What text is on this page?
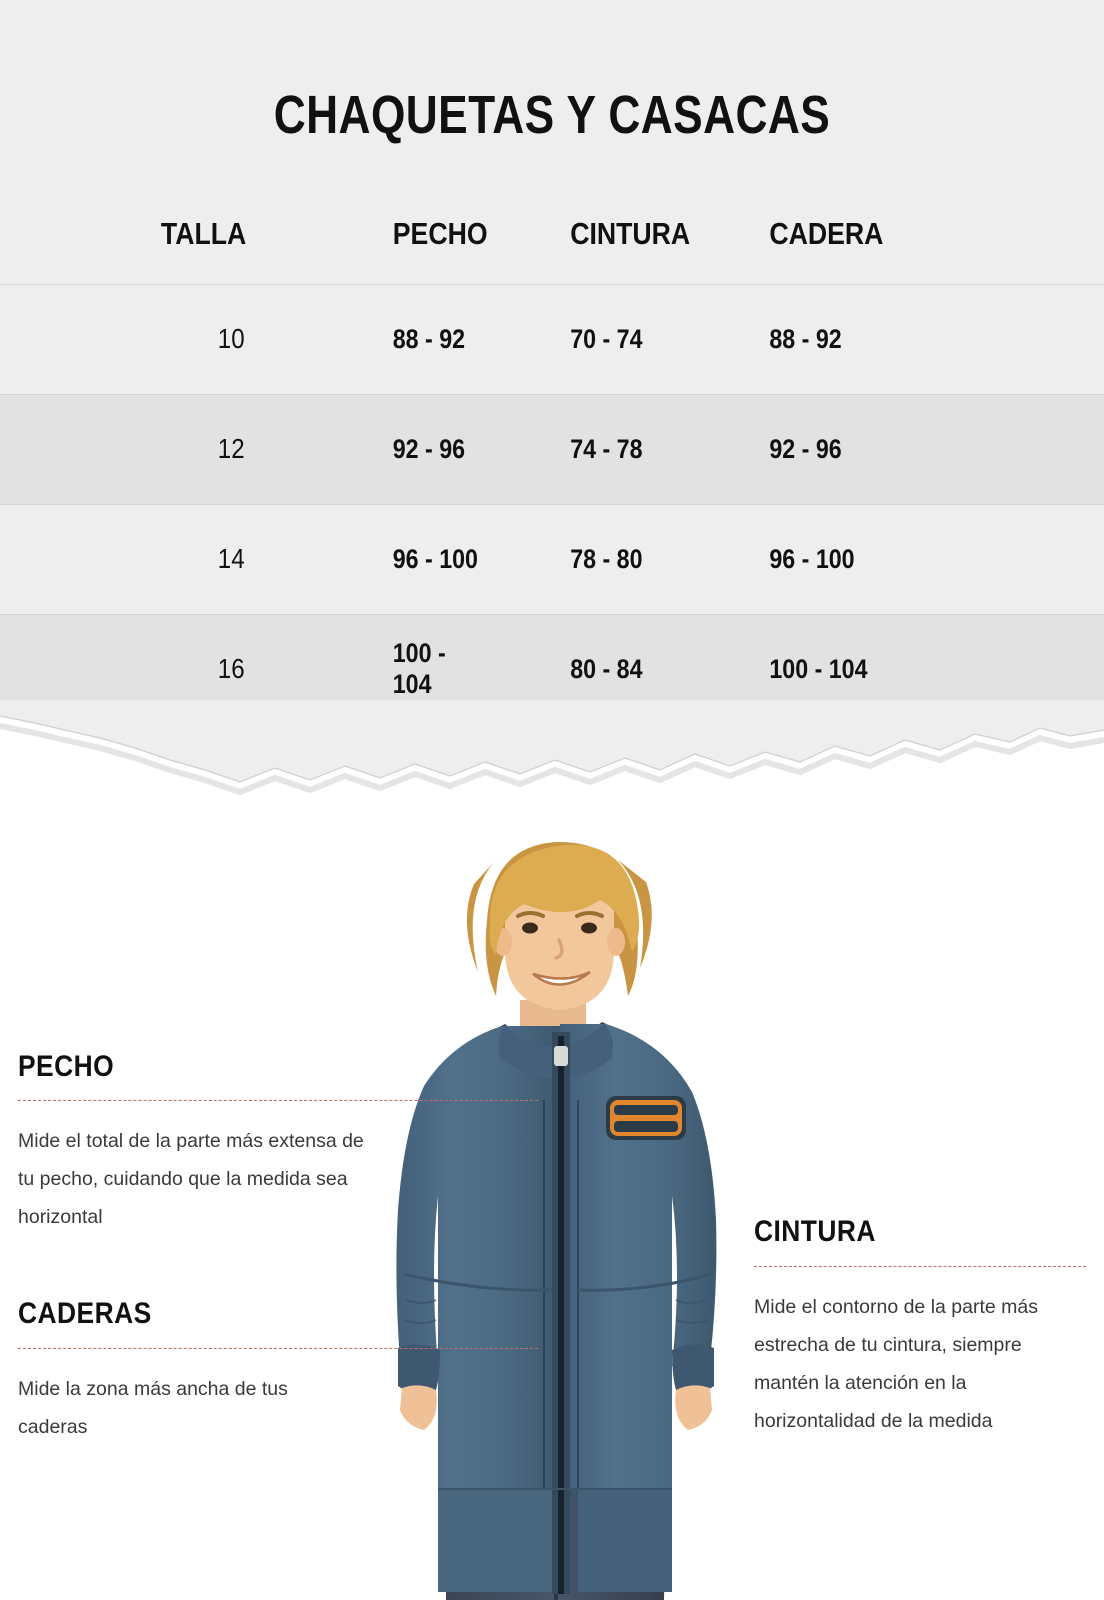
CHAQUETAS Y CASACAS
TALLA	PECHO	CINTURA	CADERA
10	88 - 92	70 - 74	88 - 92
12	92 - 96	74 - 78	92 - 96
14	96 - 100	78 - 80	96 - 100
16	100 - 104	80 - 84	100 - 104
PECHO
Mide el total de la parte más extensa de tu pecho, cuidando que la medida sea horizontal
CADERAS
Mide la zona más ancha de tus caderas
CINTURA
Mide el contorno de la parte más estrecha de tu cintura, siempre mantén la atención en la horizontalidad de la medida
